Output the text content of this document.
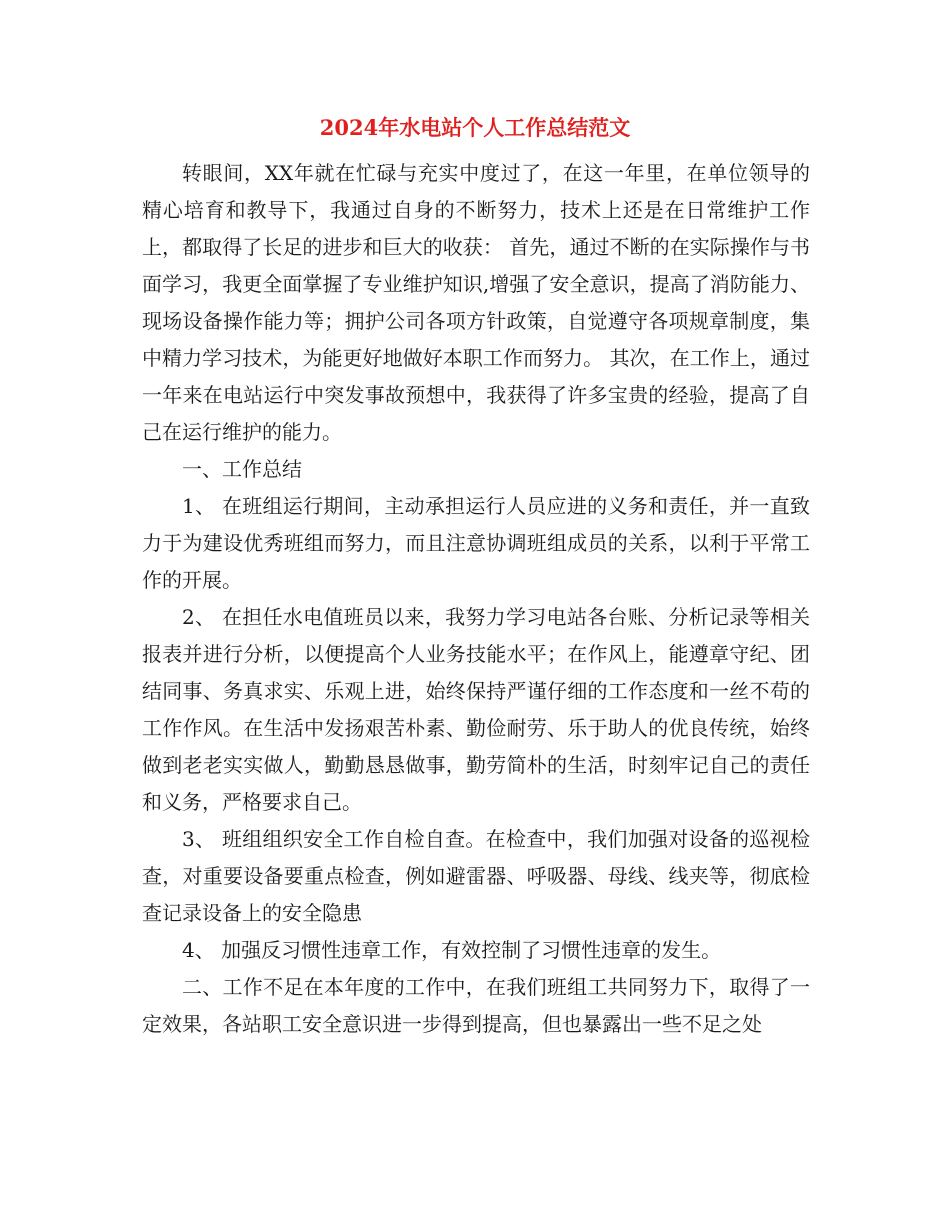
2024年水电站个人工作总结范文

转眼间，XX年就在忙碌与充实中度过了，在这一年里，在单位领导的精心培育和教导下，我通过自身的不断努力，技术上还是在日常维护工作上，都取得了长足的进步和巨大的收获： 首先，通过不断的在实际操作与书面学习，我更全面掌握了专业维护知识,增强了安全意识，提高了消防能力、现场设备操作能力等；拥护公司各项方针政策，自觉遵守各项规章制度，集中精力学习技术，为能更好地做好本职工作而努力。 其次，在工作上，通过一年来在电站运行中突发事故预想中，我获得了许多宝贵的经验，提高了自己在运行维护的能力。

一、工作总结

1、 在班组运行期间，主动承担运行人员应进的义务和责任，并一直致力于为建设优秀班组而努力，而且注意协调班组成员的关系，以利于平常工作的开展。

2、 在担任水电值班员以来，我努力学习电站各台账、分析记录等相关报表并进行分析，以便提高个人业务技能水平；在作风上，能遵章守纪、团结同事、务真求实、乐观上进，始终保持严谨仔细的工作态度和一丝不苟的工作作风。在生活中发扬艰苦朴素、勤俭耐劳、乐于助人的优良传统，始终做到老老实实做人，勤勤恳恳做事，勤劳简朴的生活，时刻牢记自己的责任和义务，严格要求自己。

3、 班组组织安全工作自检自查。在检查中，我们加强对设备的巡视检查，对重要设备要重点检查，例如避雷器、呼吸器、母线、线夹等，彻底检查记录设备上的安全隐患

4、 加强反习惯性违章工作，有效控制了习惯性违章的发生。

二、工作不足在本年度的工作中，在我们班组工共同努力下，取得了一定效果，各站职工安全意识进一步得到提高，但也暴露出一些不足之处
